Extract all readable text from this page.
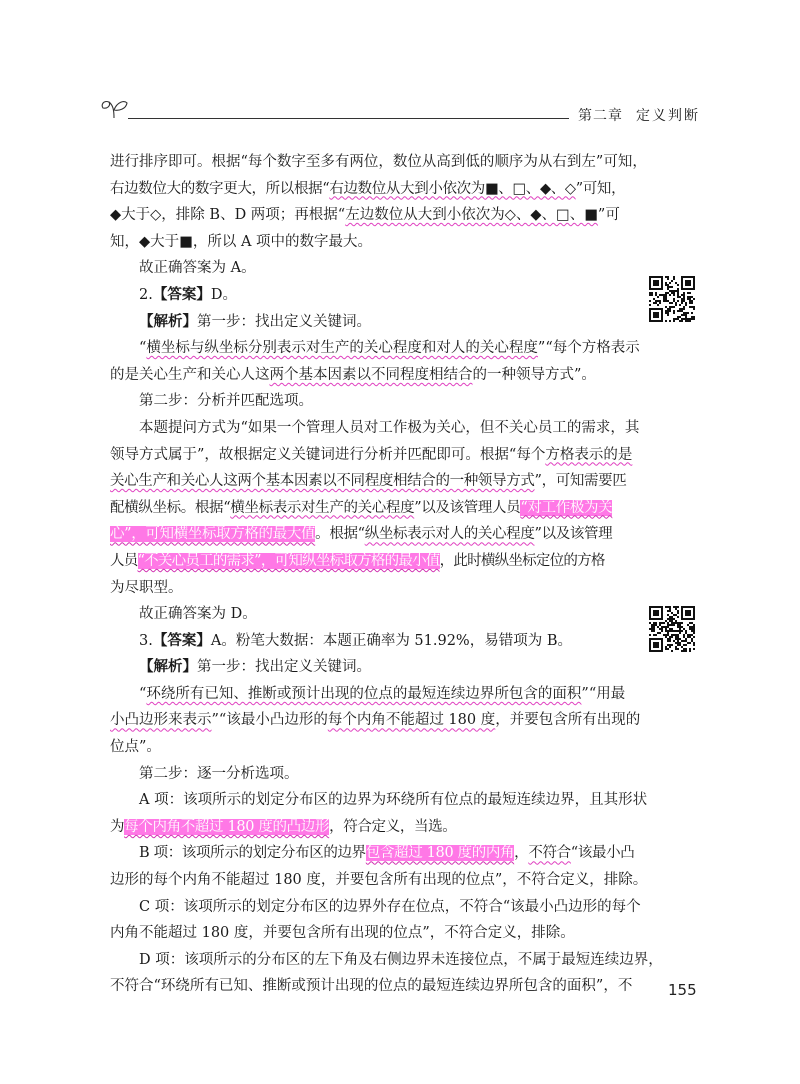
第二章 定义判断
进行排序即可。根据“每个数字至多有两位，数位从高到低的顺序为从右到左”可知，
右边数位大的数字更大，所以根据“右边数位从大到小依次为■、□、◆、◇”可知，
◆大于◇，排除 B、D 两项；再根据“左边数位从大到小依次为◇、◆、□、■”可
知，◆大于■，所以 A 项中的数字最大。
故正确答案为 A。
2.【答案】D。
【解析】第一步：找出定义关键词。
“横坐标与纵坐标分别表示对生产的关心程度和对人的关心程度”“每个方格表示
的是关心生产和关心人这两个基本因素以不同程度相结合的一种领导方式”。
第二步：分析并匹配选项。
本题提问方式为“如果一个管理人员对工作极为关心，但不关心员工的需求，其
领导方式属于”，故根据定义关键词进行分析并匹配即可。根据“每个方格表示的是
关心生产和关心人这两个基本因素以不同程度相结合的一种领导方式”，可知需要匹
配横纵坐标。根据“横坐标表示对生产的关心程度”以及该管理人员“对工作极为关
心”，可知横坐标取方格的最大值。根据“纵坐标表示对人的关心程度”以及该管理
人员“不关心员工的需求”，可知纵坐标取方格的最小值，此时横纵坐标定位的方格
为尽职型。
故正确答案为 D。
3.【答案】A。粉笔大数据：本题正确率为 51.92%，易错项为 B。
【解析】第一步：找出定义关键词。
“环绕所有已知、推断或预计出现的位点的最短连续边界所包含的面积”“用最
小凸边形来表示”“该最小凸边形的每个内角不能超过 180 度，并要包含所有出现的
位点”。
第二步：逐一分析选项。
A 项：该项所示的划定分布区的边界为环绕所有位点的最短连续边界，且其形状
为每个内角不超过 180 度的凸边形，符合定义，当选。
B 项：该项所示的划定分布区的边界包含超过 180 度的内角，不符合“该最小凸
边形的每个内角不能超过 180 度，并要包含所有出现的位点”，不符合定义，排除。
C 项：该项所示的划定分布区的边界外存在位点，不符合“该最小凸边形的每个
内角不能超过 180 度，并要包含所有出现的位点”，不符合定义，排除。
D 项：该项所示的分布区的左下角及右侧边界未连接位点，不属于最短连续边界，
不符合“环绕所有已知、推断或预计出现的位点的最短连续边界所包含的面积”，不 155
